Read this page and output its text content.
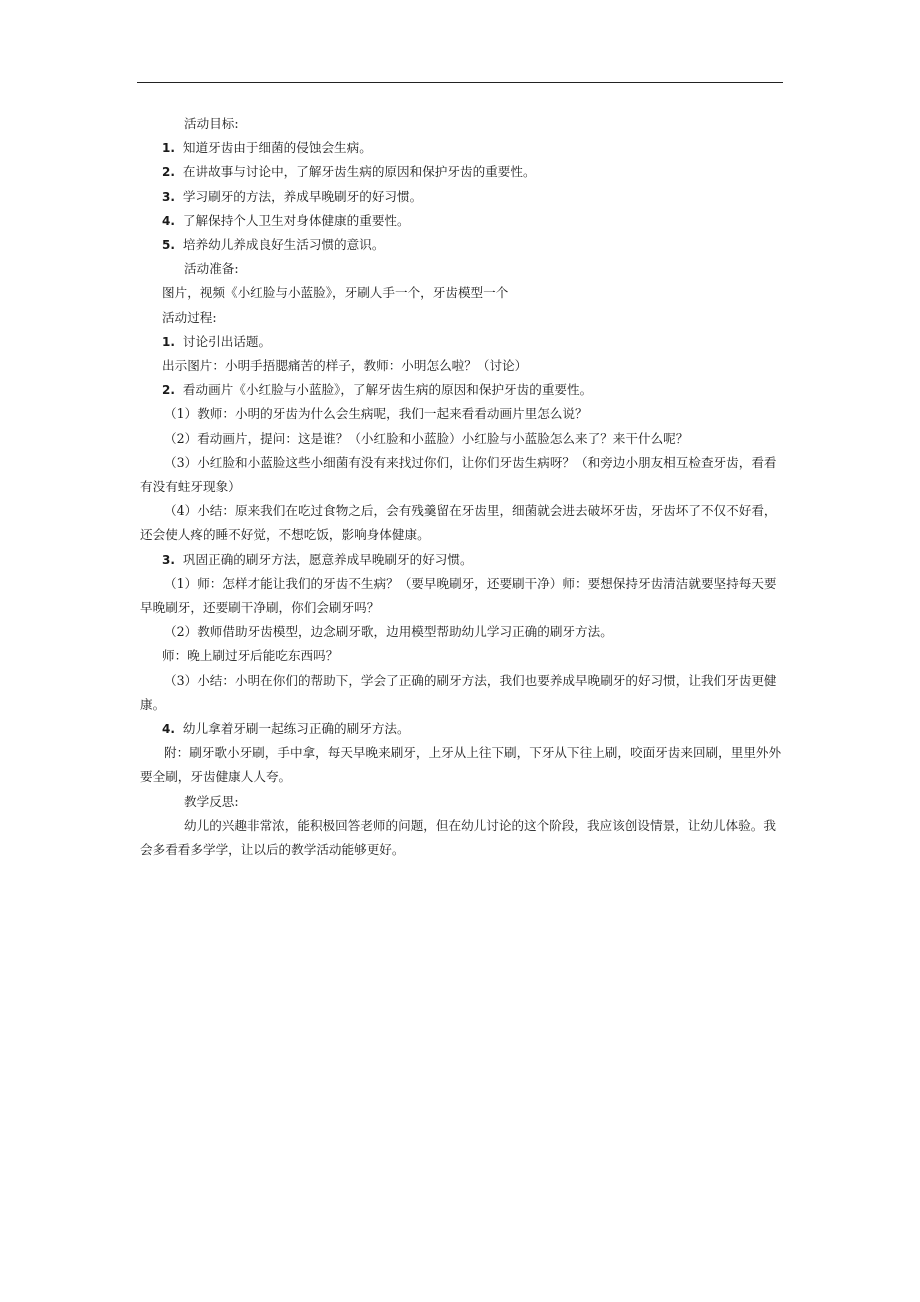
活动目标:

1. 知道牙齿由于细菌的侵蚀会生病。

2. 在讲故事与讨论中，了解牙齿生病的原因和保护牙齿的重要性。

3. 学习刷牙的方法，养成早晚刷牙的好习惯。

4. 了解保持个人卫生对身体健康的重要性。

5. 培养幼儿养成良好生活习惯的意识。

活动准备:

图片，视频《小红脸与小蓝脸》，牙刷人手一个，牙齿模型一个

活动过程:

1. 讨论引出话题。

出示图片：小明手捂腮痛苦的样子，教师：小明怎么啦？（讨论）

2. 看动画片《小红脸与小蓝脸》，了解牙齿生病的原因和保护牙齿的重要性。

（1）教师：小明的牙齿为什么会生病呢，我们一起来看看动画片里怎么说？

（2）看动画片，提问：这是谁？（小红脸和小蓝脸）小红脸与小蓝脸怎么来了？来干什么呢？

（3）小红脸和小蓝脸这些小细菌有没有来找过你们，让你们牙齿生病呀？（和旁边小朋友相互检查牙齿，看看有没有蛀牙现象）

（4）小结：原来我们在吃过食物之后，会有残羹留在牙齿里，细菌就会进去破坏牙齿，牙齿坏了不仅不好看，还会使人疼的睡不好觉，不想吃饭，影响身体健康。

3. 巩固正确的刷牙方法，愿意养成早晚刷牙的好习惯。

（1）师：怎样才能让我们的牙齿不生病？（要早晚刷牙，还要刷干净）师：要想保持牙齿清洁就要坚持每天要早晚刷牙，还要刷干净刷，你们会刷牙吗？

（2）教师借助牙齿模型，边念刷牙歌，边用模型帮助幼儿学习正确的刷牙方法。

师：晚上刷过牙后能吃东西吗？

（3）小结：小明在你们的帮助下，学会了正确的刷牙方法，我们也要养成早晚刷牙的好习惯，让我们牙齿更健康。

4. 幼儿拿着牙刷一起练习正确的刷牙方法。

附：刷牙歌小牙刷，手中拿，每天早晚来刷牙，上牙从上往下刷，下牙从下往上刷，咬面牙齿来回刷，里里外外要全刷，牙齿健康人人夸。

教学反思:

幼儿的兴趣非常浓，能积极回答老师的问题，但在幼儿讨论的这个阶段，我应该创设情景，让幼儿体验。我会多看看多学学，让以后的教学活动能够更好。
